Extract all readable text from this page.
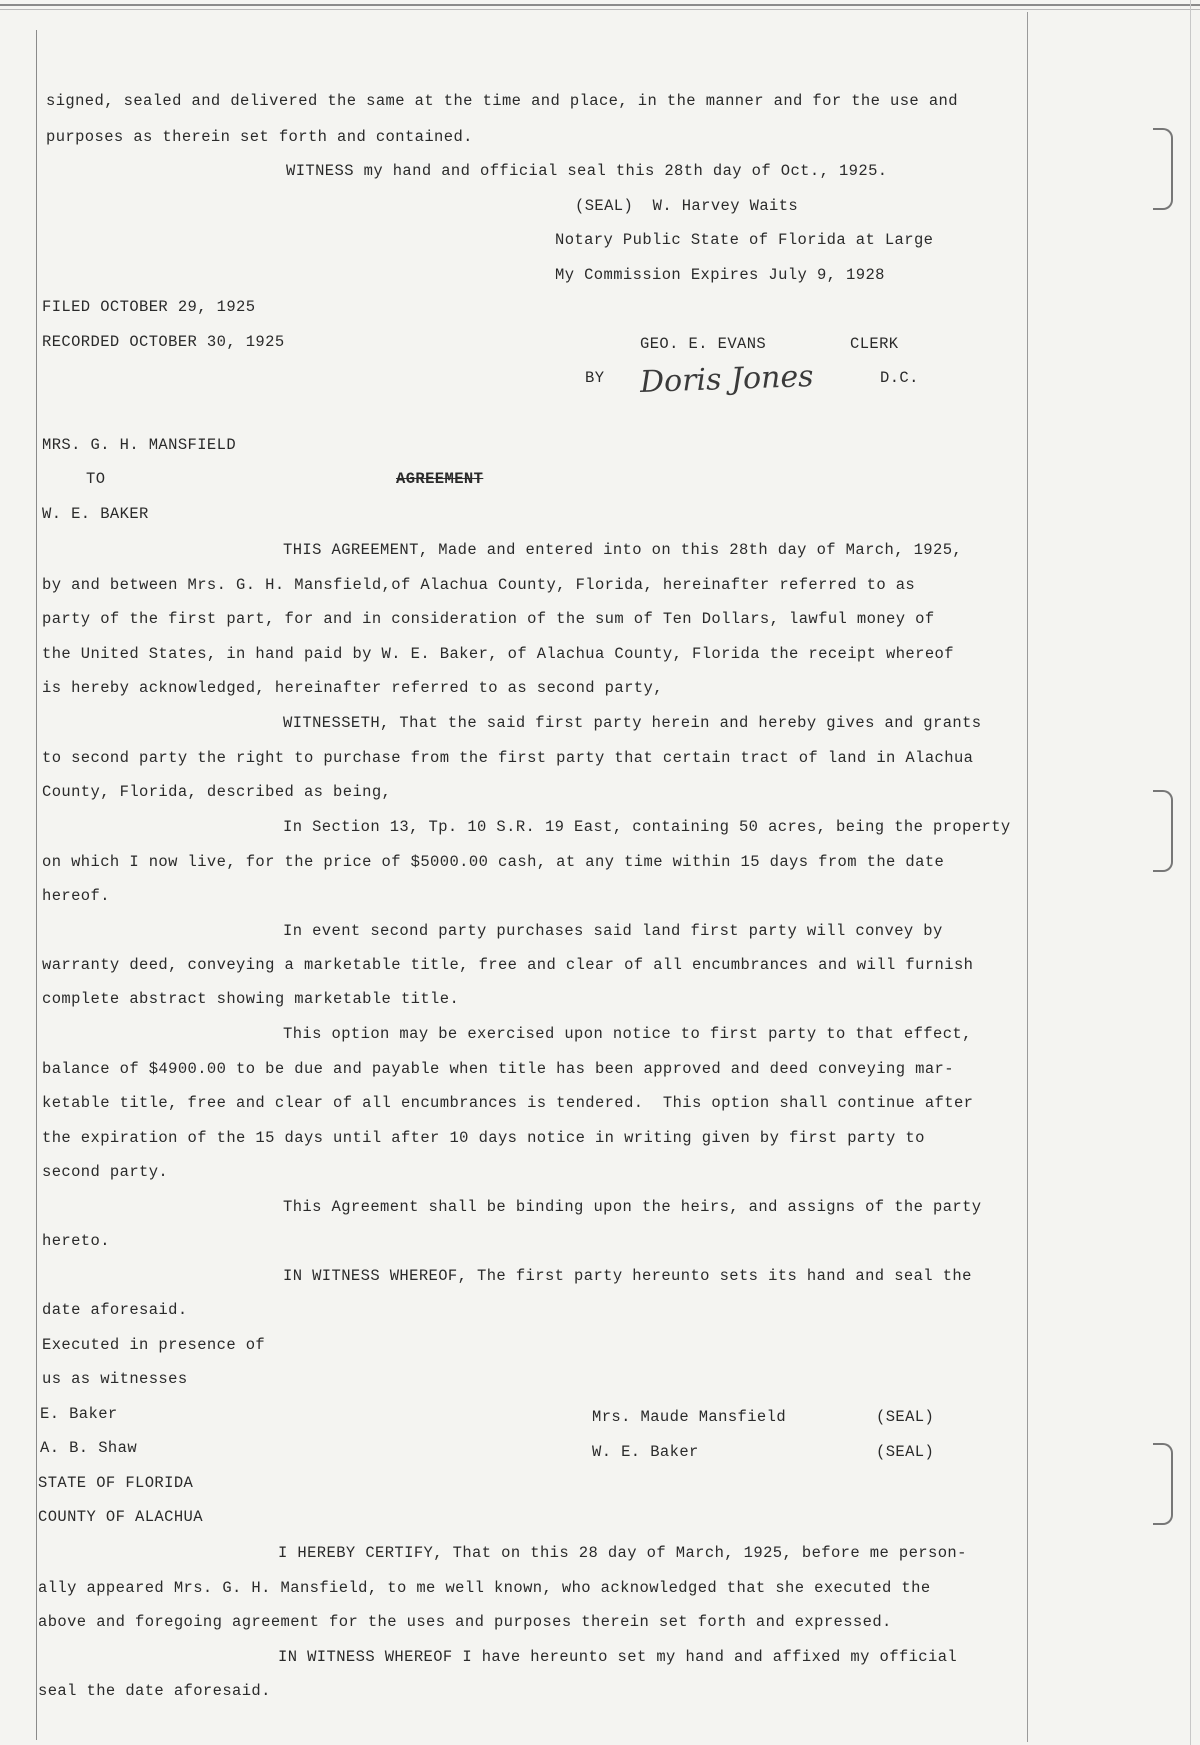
signed, sealed and delivered the same at the time and place, in the manner and for the use and
purposes as therein set forth and contained.
WITNESS my hand and official seal this 28th day of Oct., 1925.
(SEAL)  W. Harvey Waits
Notary Public State of Florida at Large
My Commission Expires July 9, 1928
FILED OCTOBER 29, 1925
RECORDED OCTOBER 30, 1925	GEO. E. EVANS	CLERK
BY Doris Jones	D.C.
MRS. G. H. MANSFIELD
TO	AGREEMENT
W. E. BAKER
THIS AGREEMENT, Made and entered into on this 28th day of March, 1925,
by and between Mrs. G. H. Mansfield,of Alachua County, Florida, hereinafter referred to as
party of the first part, for and in consideration of the sum of Ten Dollars, lawful money of
the United States, in hand paid by W. E. Baker, of Alachua County, Florida the receipt whereof
is hereby acknowledged, hereinafter referred to as second party,
WITNESSETH, That the said first party herein and hereby gives and grants
to second party the right to purchase from the first party that certain tract of land in Alachua
County, Florida, described as being,
In Section 13, Tp. 10 S.R. 19 East, containing 50 acres, being the property
on which I now live, for the price of $5000.00 cash, at any time within 15 days from the date
hereof.
In event second party purchases said land first party will convey by
warranty deed, conveying a marketable title, free and clear of all encumbrances and will furnish
complete abstract showing marketable title.
This option may be exercised upon notice to first party to that effect,
balance of $4900.00 to be due and payable when title has been approved and deed conveying mar-
ketable title, free and clear of all encumbrances is tendered.  This option shall continue after
the expiration of the 15 days until after 10 days notice in writing given by first party to
second party.
This Agreement shall be binding upon the heirs, and assigns of the party
hereto.
IN WITNESS WHEREOF, The first party hereunto sets its hand and seal the
date aforesaid.
Executed in presence of
us as witnesses
E. Baker
A. B. Shaw
Mrs. Maude Mansfield	(SEAL)
W. E. Baker	(SEAL)
STATE OF FLORIDA
COUNTY OF ALACHUA
I HEREBY CERTIFY, That on this 28 day of March, 1925, before me person-
ally appeared Mrs. G. H. Mansfield, to me well known, who acknowledged that she executed the
above and foregoing agreement for the uses and purposes therein set forth and expressed.
IN WITNESS WHEREOF I have hereunto set my hand and affixed my official
seal the date aforesaid.
